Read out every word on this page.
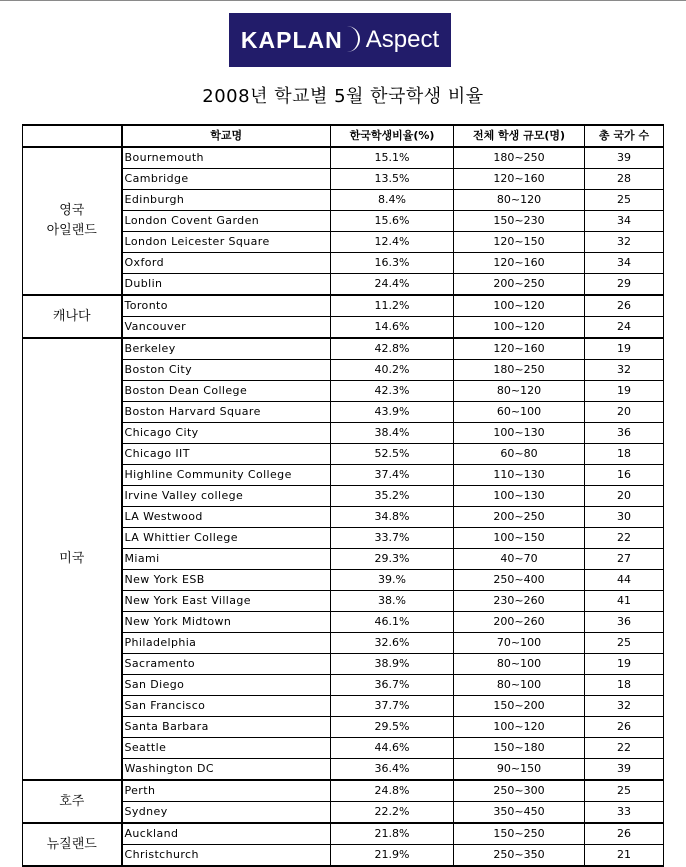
KAPLAN Aspect
2008년 학교별 5월 한국학생 비율
	학교명	한국학생비율(%)	전체 학생 규모(명)	총 국가 수

영국
아일랜드	Bournemouth	15.1%	180~250	39
	Cambridge	13.5%	120~160	28
	Edinburgh	8.4%	80~120	25
	London Covent Garden	15.6%	150~230	34
	London Leicester Square	12.4%	120~150	32
	Oxford	16.3%	120~160	34
	Dublin	24.4%	200~250	29

캐나다	Toronto	11.2%	100~120	26
	Vancouver	14.6%	100~120	24

미국	Berkeley	42.8%	120~160	19
	Boston City	40.2%	180~250	32
	Boston Dean College	42.3%	80~120	19
	Boston Harvard Square	43.9%	60~100	20
	Chicago City	38.4%	100~130	36
	Chicago IIT	52.5%	60~80	18
	Highline Community College	37.4%	110~130	16
	Irvine Valley college	35.2%	100~130	20
	LA Westwood	34.8%	200~250	30
	LA Whittier College	33.7%	100~150	22
	Miami	29.3%	40~70	27
	New York ESB	39.%	250~400	44
	New York East Village	38.%	230~260	41
	New York Midtown	46.1%	200~260	36
	Philadelphia	32.6%	70~100	25
	Sacramento	38.9%	80~100	19
	San Diego	36.7%	80~100	18
	San Francisco	37.7%	150~200	32
	Santa Barbara	29.5%	100~120	26
	Seattle	44.6%	150~180	22
	Washington DC	36.4%	90~150	39

호주	Perth	24.8%	250~300	25
	Sydney	22.2%	350~450	33

뉴질랜드	Auckland	21.8%	150~250	26
	Christchurch	21.9%	250~350	21
